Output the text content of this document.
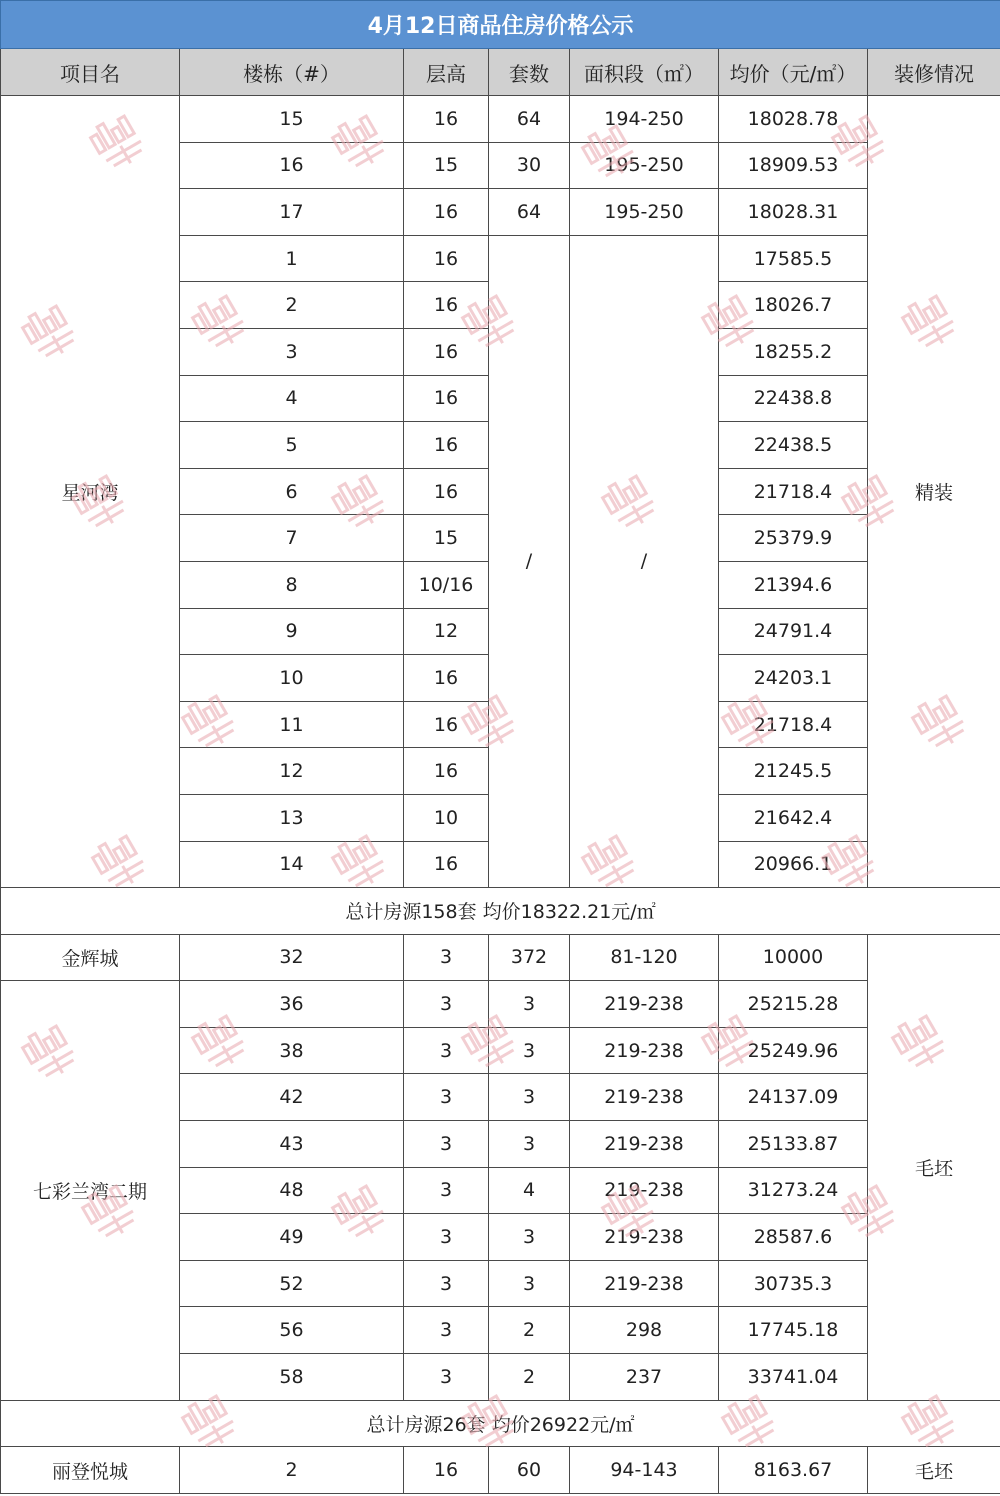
4月12日商品住房价格公示						
项目名	楼栋（#）	层高	套数	面积段（㎡）	均价（元/㎡）	装修情况
星河湾	15	16	64	194-250	18028.78	精装
	16	15	30	195-250	18909.53	
	17	16	64	195-250	18028.31	
	1	16	/	/	17585.5	
	2	16			18026.7	
	3	16			18255.2	
	4	16			22438.8	
	5	16			22438.5	
	6	16			21718.4	
	7	15			25379.9	
	8	10/16			21394.6	
	9	12			24791.4	
	10	16			24203.1	
	11	16			21718.4	
	12	16			21245.5	
	13	10			21642.4	
	14	16			20966.1	
总计房源158套 均价18322.21元/㎡						
金辉城	32	3	372	81-120	10000	毛坯
七彩兰湾二期	36	3	3	219-238	25215.28	
	38	3	3	219-238	25249.96	
	42	3	3	219-238	24137.09	
	43	3	3	219-238	25133.87	
	48	3	4	219-238	31273.24	
	49	3	3	219-238	28587.6	
	52	3	3	219-238	30735.3	
	56	3	2	298	17745.18	
	58	3	2	237	33741.04	
总计房源26套 均价26922元/㎡						
丽登悦城	2	16	60	94-143	8163.67	毛坯
